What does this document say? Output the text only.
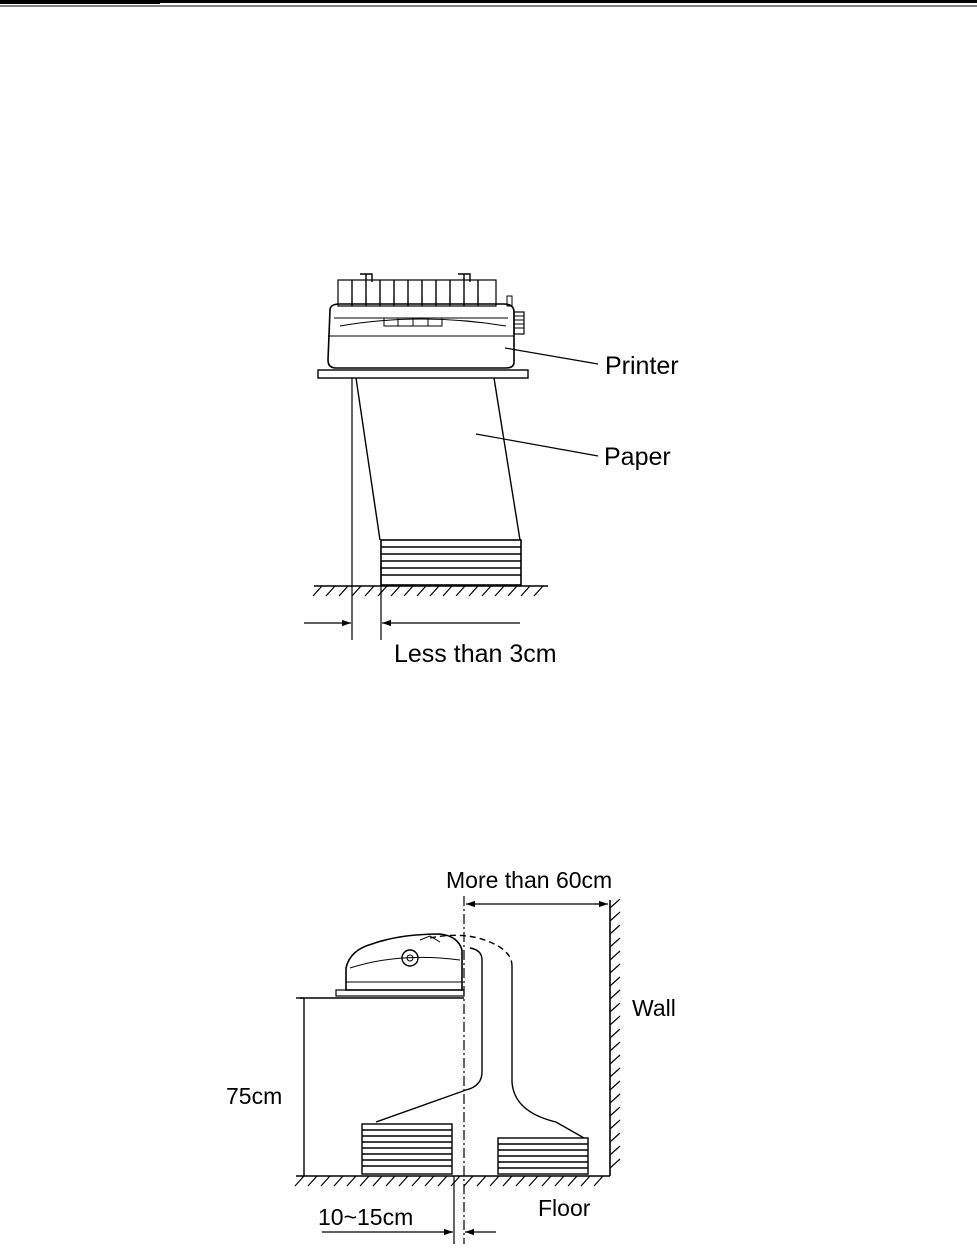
Printer
Paper
Less than 3cm
More than 60cm
Wall
75cm
Floor
10~15cm
